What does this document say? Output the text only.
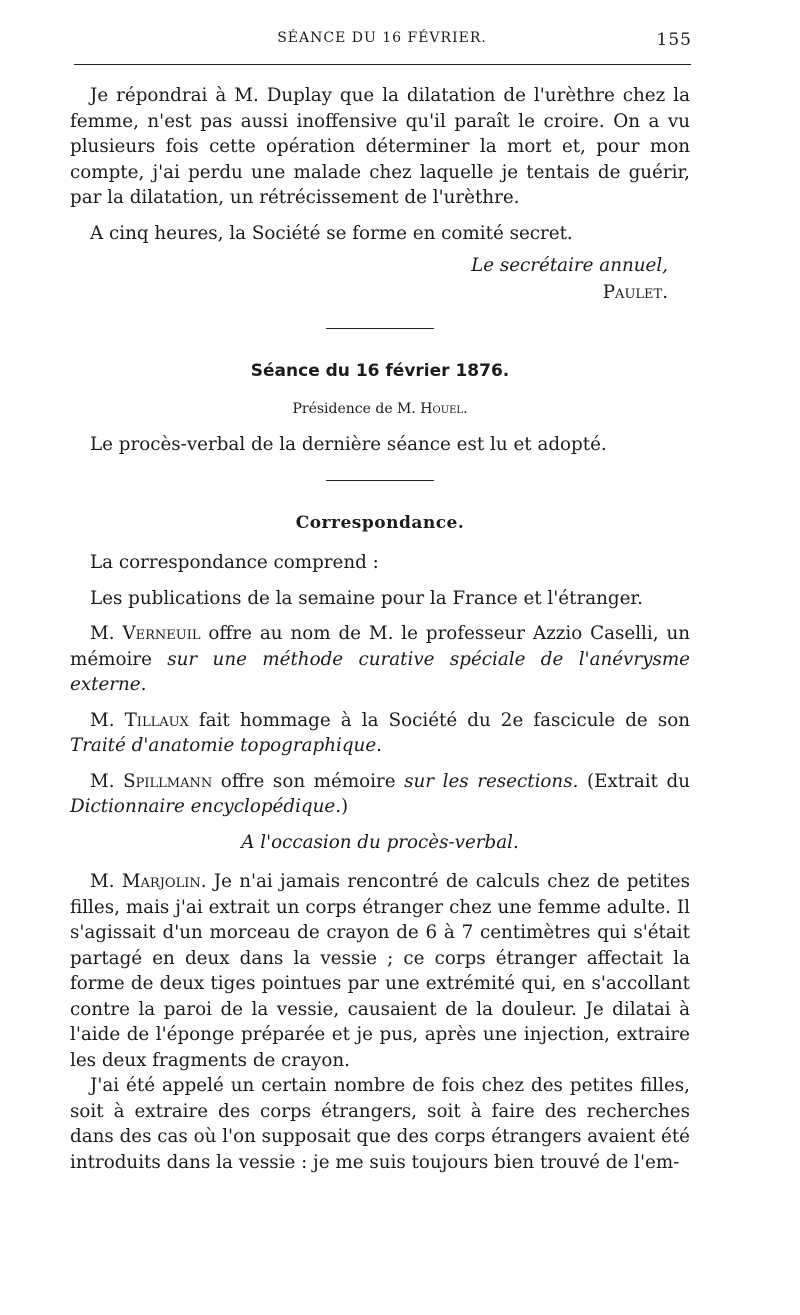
SÉANCE DU 16 FÉVRIER.	155

Je répondrai à M. Duplay que la dilatation de l'urèthre chez la femme, n'est pas aussi inoffensive qu'il paraît le croire. On a vu plusieurs fois cette opération déterminer la mort et, pour mon compte, j'ai perdu une malade chez laquelle je tentais de guérir, par la dilatation, un rétrécissement de l'urèthre.

A cinq heures, la Société se forme en comité secret.

Le secrétaire annuel,
Paulet.
Séance du 16 février 1876.
Présidence de M. Houel.

Le procès-verbal de la dernière séance est lu et adopté.

Correspondance.

La correspondance comprend :

Les publications de la semaine pour la France et l'étranger.

M. Verneuil offre au nom de M. le professeur Azzio Caselli, un mémoire sur une méthode curative spéciale de l'anévrysme externe.

M. Tillaux fait hommage à la Société du 2e fascicule de son Traité d'anatomie topographique.

M. Spillmann offre son mémoire sur les resections. (Extrait du Dictionnaire encyclopédique.)

A l'occasion du procès-verbal.

M. Marjolin. Je n'ai jamais rencontré de calculs chez de petites filles, mais j'ai extrait un corps étranger chez une femme adulte. Il s'agissait d'un morceau de crayon de 6 à 7 centimètres qui s'était partagé en deux dans la vessie ; ce corps étranger affectait la forme de deux tiges pointues par une extrémité qui, en s'accollant contre la paroi de la vessie, causaient de la douleur. Je dilatai à l'aide de l'éponge préparée et je pus, après une injection, extraire les deux fragments de crayon.

J'ai été appelé un certain nombre de fois chez des petites filles, soit à extraire des corps étrangers, soit à faire des recherches dans des cas où l'on supposait que des corps étrangers avaient été introduits dans la vessie : je me suis toujours bien trouvé de l'em-
